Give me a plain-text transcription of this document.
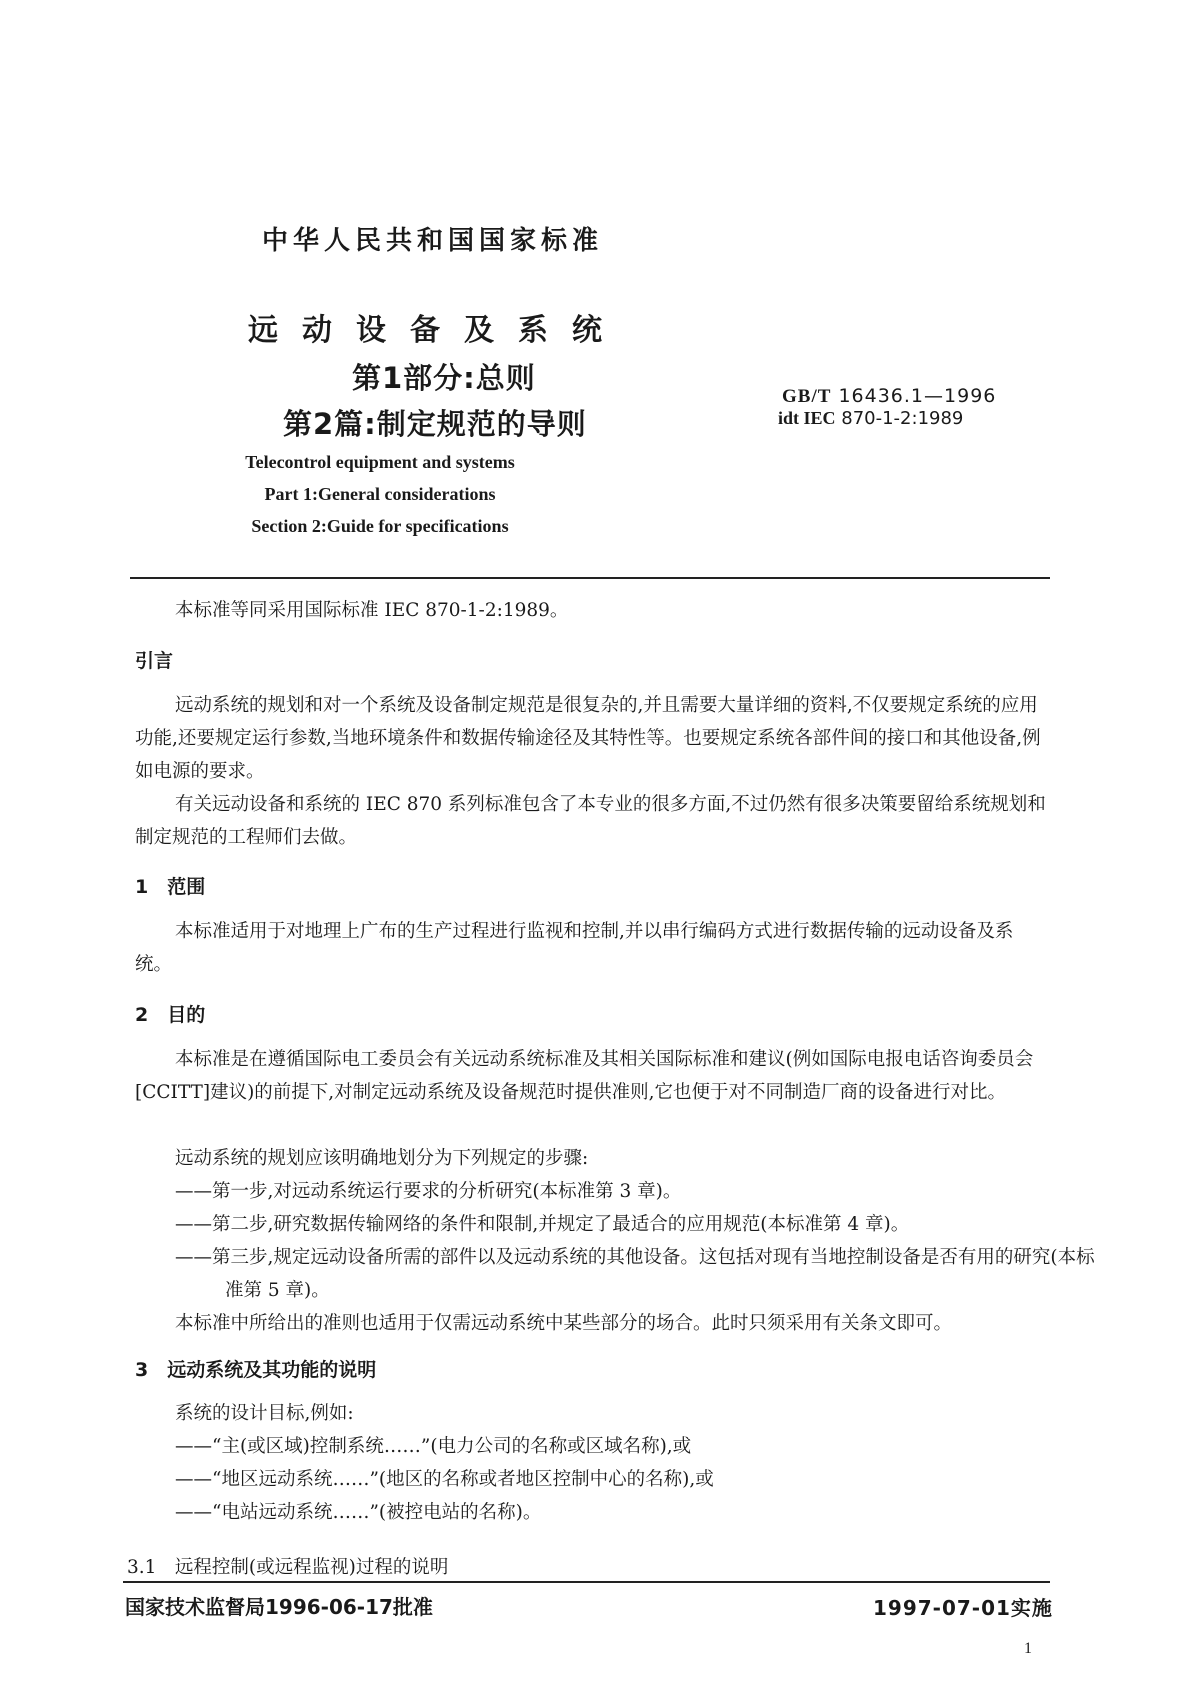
中华人民共和国国家标准
远动设备及系统
第1部分:总则
第2篇:制定规范的导则
GB/T 16436.1—1996
idt IEC 870-1-2:1989
Telecontrol equipment and systems
Part 1:General considerations
Section 2:Guide for specifications
本标准等同采用国际标准 IEC 870-1-2:1989。
引言
远动系统的规划和对一个系统及设备制定规范是很复杂的,并且需要大量详细的资料,不仅要规定系统的应用功能,还要规定运行参数,当地环境条件和数据传输途径及其特性等。也要规定系统各部件间的接口和其他设备,例如电源的要求。
有关远动设备和系统的 IEC 870 系列标准包含了本专业的很多方面,不过仍然有很多决策要留给系统规划和制定规范的工程师们去做。
1　范围
本标准适用于对地理上广布的生产过程进行监视和控制,并以串行编码方式进行数据传输的远动设备及系统。
2　目的
本标准是在遵循国际电工委员会有关远动系统标准及其相关国际标准和建议(例如国际电报电话咨询委员会[CCITT]建议)的前提下,对制定远动系统及设备规范时提供准则,它也便于对不同制造厂商的设备进行对比。
远动系统的规划应该明确地划分为下列规定的步骤:
——第一步,对远动系统运行要求的分析研究(本标准第 3 章)。
——第二步,研究数据传输网络的条件和限制,并规定了最适合的应用规范(本标准第 4 章)。
——第三步,规定远动设备所需的部件以及远动系统的其他设备。这包括对现有当地控制设备是否有用的研究(本标准第 5 章)。
本标准中所给出的准则也适用于仅需远动系统中某些部分的场合。此时只须采用有关条文即可。
3　远动系统及其功能的说明
系统的设计目标,例如:
——“主(或区域)控制系统……”(电力公司的名称或区域名称),或
——“地区远动系统……”(地区的名称或者地区控制中心的名称),或
——“电站远动系统……”(被控电站的名称)。
3.1　远程控制(或远程监视)过程的说明
国家技术监督局1996-06-17批准	1997-07-01实施
1
